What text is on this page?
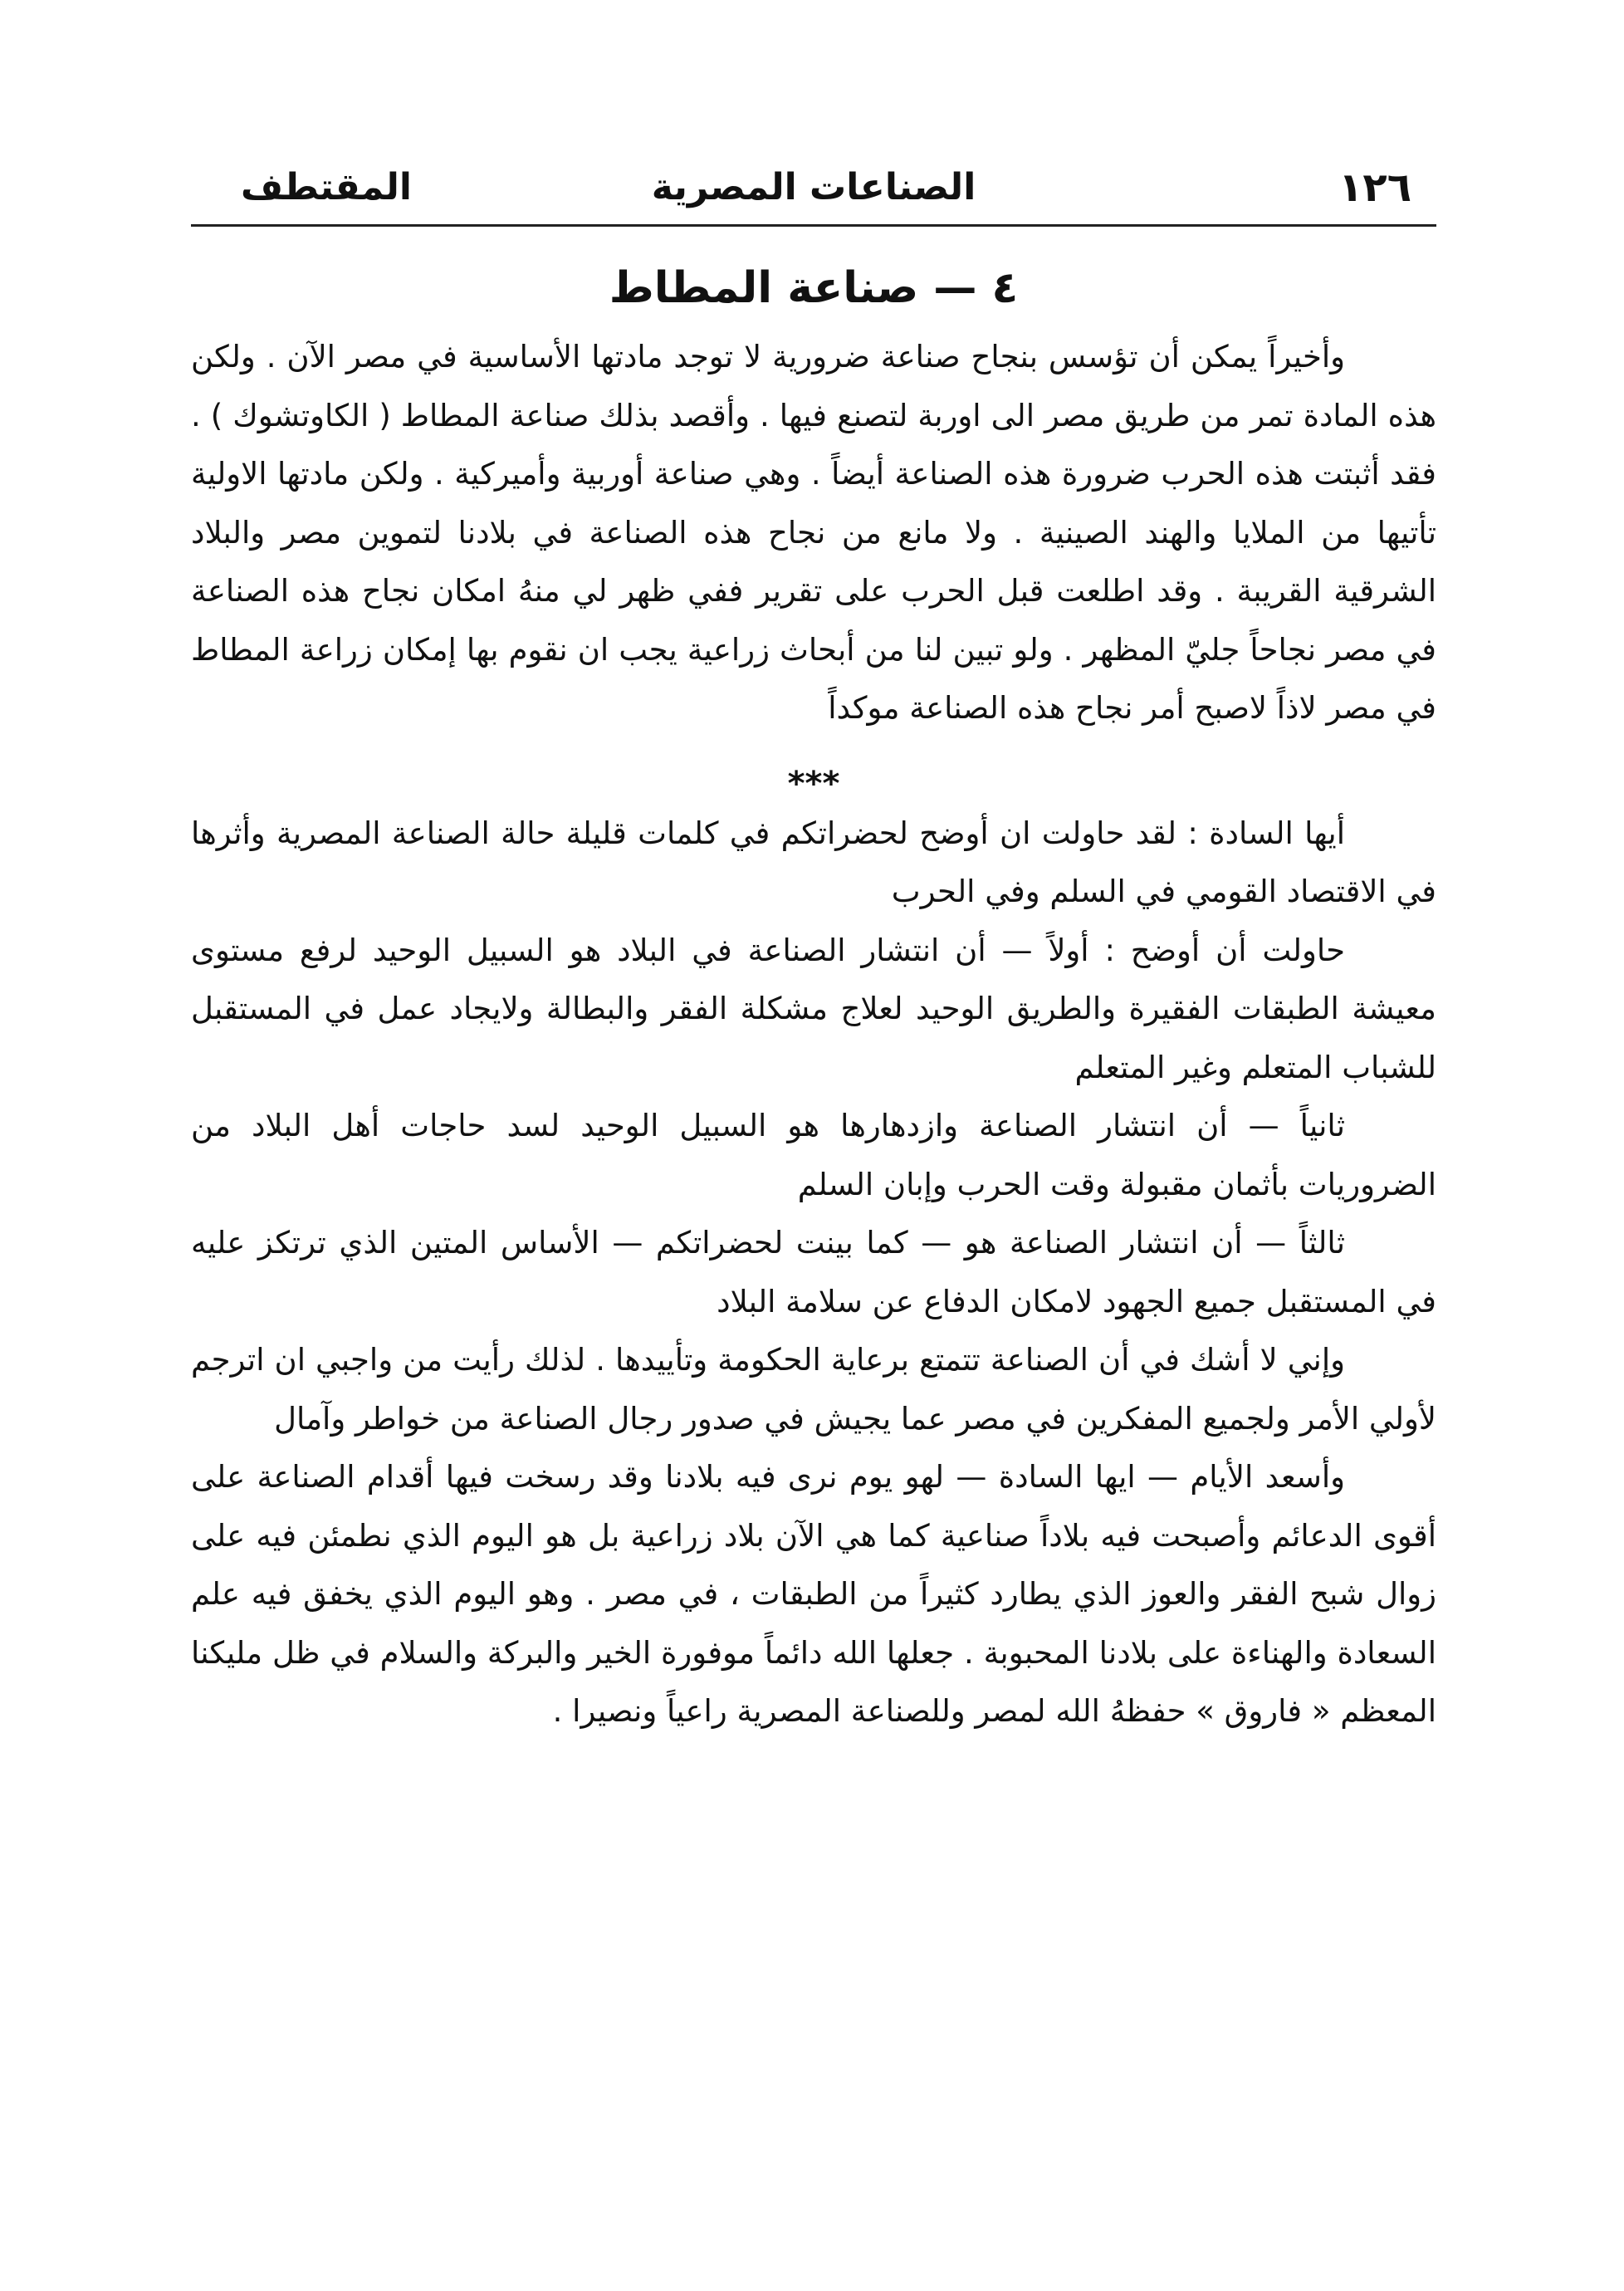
١٢٦
الصناعات المصرية
المقتطف
٤ — صناعة المطاط

وأخيراً يمكن أن تؤسس بنجاح صناعة ضرورية لا توجد مادتها الأساسية في مصر الآن . ولكن هذه المادة تمر من طريق مصر الى اوربة لتصنع فيها . وأقصد بذلك صناعة المطاط ( الكاوتشوك ) . فقد أثبتت هذه الحرب ضرورة هذه الصناعة أيضاً . وهي صناعة أوربية وأميركية . ولكن مادتها الاولية تأتيها من الملايا والهند الصينية . ولا مانع من نجاح هذه الصناعة في بلادنا لتموين مصر والبلاد الشرقية القريبة . وقد اطلعت قبل الحرب على تقرير ففي ظهر لي منهُ امكان نجاح هذه الصناعة في مصر نجاحاً جليّ المظهر . ولو تبين لنا من أبحاث زراعية يجب ان نقوم بها إمكان زراعة المطاط في مصر لاذاً لاصبح أمر نجاح هذه الصناعة موكداً

***

أيها السادة : لقد حاولت ان أوضح لحضراتكم في كلمات قليلة حالة الصناعة المصرية وأثرها في الاقتصاد القومي في السلم وفي الحرب

حاولت أن أوضح : أولاً — أن انتشار الصناعة في البلاد هو السبيل الوحيد لرفع مستوى معيشة الطبقات الفقيرة والطريق الوحيد لعلاج مشكلة الفقر والبطالة ولايجاد عمل في المستقبل للشباب المتعلم وغير المتعلم

ثانياً — أن انتشار الصناعة وازدهارها هو السبيل الوحيد لسد حاجات أهل البلاد من الضروريات بأثمان مقبولة وقت الحرب وإبان السلم

ثالثاً — أن انتشار الصناعة هو — كما بينت لحضراتكم — الأساس المتين الذي ترتكز عليه في المستقبل جميع الجهود لامكان الدفاع عن سلامة البلاد

وإني لا أشك في أن الصناعة تتمتع برعاية الحكومة وتأييدها . لذلك رأيت من واجبي ان اترجم لأولي الأمر ولجميع المفكرين في مصر عما يجيش في صدور رجال الصناعة من خواطر وآمال

وأسعد الأيام — ايها السادة — لهو يوم نرى فيه بلادنا وقد رسخت فيها أقدام الصناعة على أقوى الدعائم وأصبحت فيه بلاداً صناعية كما هي الآن بلاد زراعية بل هو اليوم الذي نطمئن فيه على زوال شبح الفقر والعوز الذي يطارد كثيراً من الطبقات ، في مصر . وهو اليوم الذي يخفق فيه علم السعادة والهناءة على بلادنا المحبوبة . جعلها الله دائماً موفورة الخير والبركة والسلام في ظل مليكنا المعظم « فاروق » حفظهُ الله لمصر وللصناعة المصرية راعياً ونصيرا .
